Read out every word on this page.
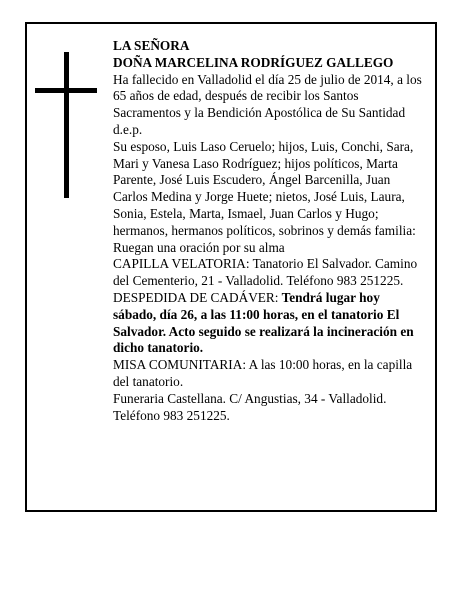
LA SEÑORA

DOÑA MARCELINA RODRÍGUEZ GALLEGO

Ha fallecido en Valladolid el día 25 de julio de 2014, a los 65 años de edad, después de recibir los Santos Sacramentos y la Bendición Apostólica de Su Santidad d.e.p.

Su esposo, Luis Laso Ceruelo; hijos, Luis, Conchi, Sara, Mari y Vanesa Laso Rodríguez; hijos políticos, Marta Parente, José Luis Escudero, Ángel Barcenilla, Juan Carlos Medina y Jorge Huete; nietos, José Luis, Laura, Sonia, Estela, Marta, Ismael, Juan Carlos y Hugo; hermanos, hermanos políticos, sobrinos y demás familia:

Ruegan una oración por su alma

CAPILLA VELATORIA: Tanatorio El Salvador. Camino del Cementerio, 21 - Valladolid. Teléfono 983 251225.

DESPEDIDA DE CADÁVER: Tendrá lugar hoy sábado, día 26, a las 11:00 horas, en el tanatorio El Salvador. Acto seguido se realizará la incineración en dicho tanatorio.

MISA COMUNITARIA: A las 10:00 horas, en la capilla del tanatorio.

Funeraria Castellana. C/ Angustias, 34 - Valladolid. Teléfono 983 251225.
